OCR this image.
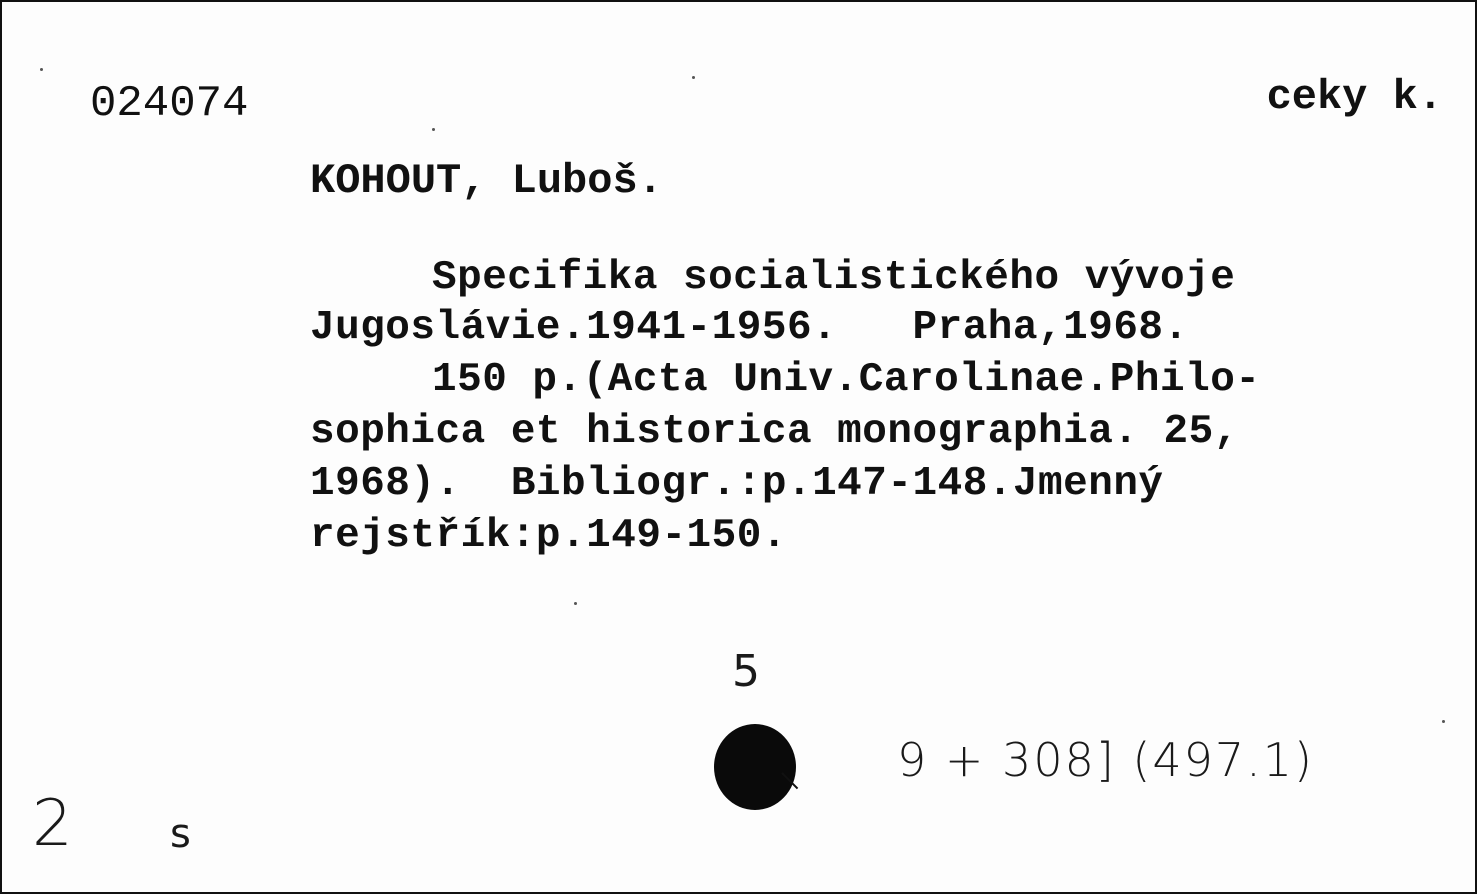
024074	ceky k.
KOHOUT, Luboš.
Specifika socialistického vývoje
Jugoslávie.1941-1956.   Praha,1968.
150 p.(Acta Univ.Carolinae.Philo-
sophica et historica monographia. 25,
1968).  Bibliogr.:p.147-148.Jmenný
rejstřík:p.149-150.
5
9 + 308] (497.1)
2 s
